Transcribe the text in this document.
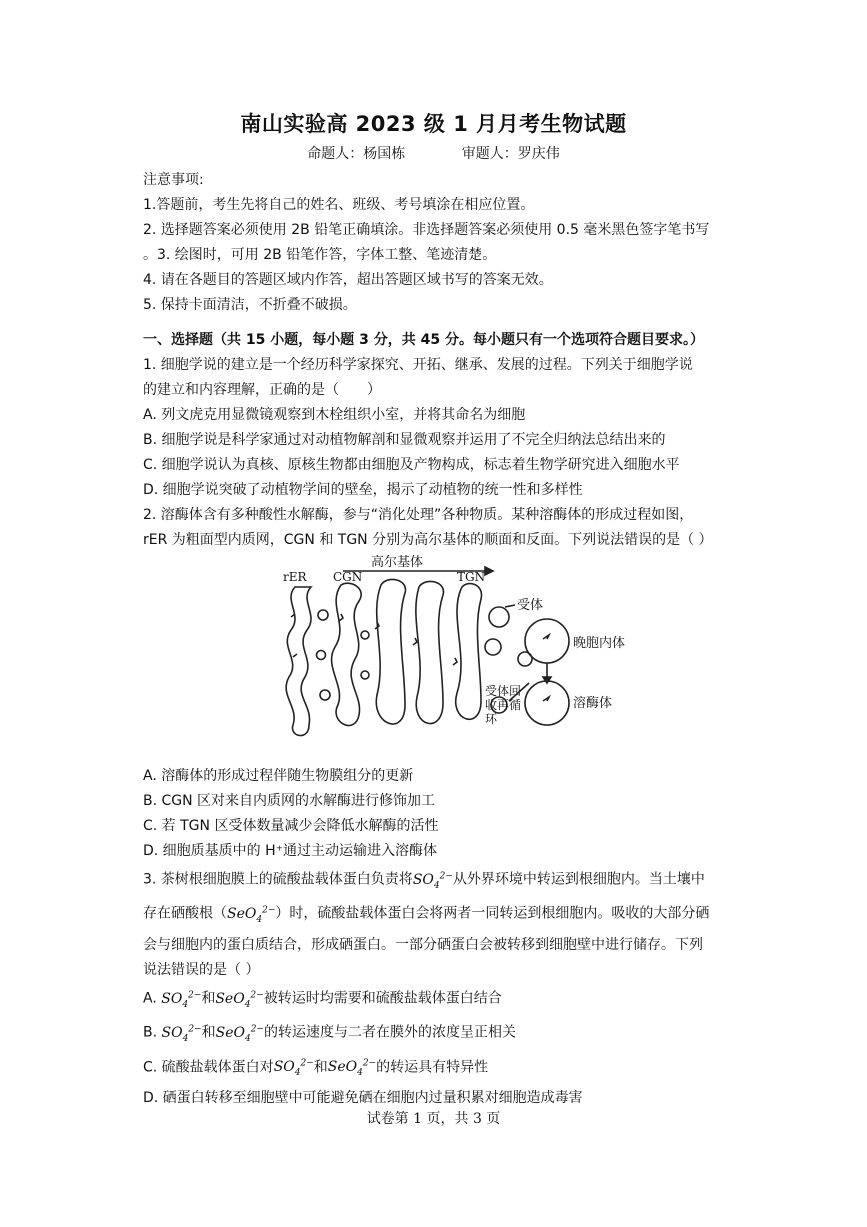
南山实验高 2023 级 1 月月考生物试题
命题人：杨国栋	审题人：罗庆伟
注意事项:
1.答题前，考生先将自己的姓名、班级、考号填涂在相应位置。
2. 选择题答案必须使用 2B 铅笔正确填涂。非选择题答案必须使用 0.5 毫米黑色签字笔书写
。3. 绘图时，可用 2B 铅笔作答，字体工整、笔迹清楚。
4. 请在各题目的答题区域内作答，超出答题区域书写的答案无效。
5. 保持卡面清洁，不折叠不破损。
一、选择题（共 15 小题，每小题 3 分，共 45 分。每小题只有一个选项符合题目要求。）
1. 细胞学说的建立是一个经历科学家探究、开拓、继承、发展的过程。下列关于细胞学说
的建立和内容理解，正确的是（　　）
A. 列文虎克用显微镜观察到木栓组织小室，并将其命名为细胞
B. 细胞学说是科学家通过对动植物解剖和显微观察并运用了不完全归纳法总结出来的
C. 细胞学说认为真核、原核生物都由细胞及产物构成，标志着生物学研究进入细胞水平
D. 细胞学说突破了动植物学间的壁垒，揭示了动植物的统一性和多样性
2. 溶酶体含有多种酸性水解酶，参与“消化处理”各种物质。某种溶酶体的形成过程如图，
rER 为粗面型内质网，CGN 和 TGN 分别为高尔基体的顺面和反面。下列说法错误的是（ ）
高尔基体
rER CGN	TGN
受体
晚胞内体
溶酶体
受体回
收再循
环
A. 溶酶体的形成过程伴随生物膜组分的更新
B. CGN 区对来自内质网的水解酶进行修饰加工
C. 若 TGN 区受体数量减少会降低水解酶的活性
D. 细胞质基质中的 H⁺通过主动运输进入溶酶体
3. 茶树根细胞膜上的硫酸盐载体蛋白负责将$SO_4^{2-}$从外界环境中转运到根细胞内。当土壤中
存在硒酸根（SeO$_4^{2-}$）时，硫酸盐载体蛋白会将两者一同转运到根细胞内。吸收的大部分硒
会与细胞内的蛋白质结合，形成硒蛋白。一部分硒蛋白会被转移到细胞壁中进行储存。下列
说法错误的是（ ）
A. $SO_4^{2-}$和SeO$_4^{2-}$被转运时均需要和硫酸盐载体蛋白结合
B. $SO_4^{2-}$和SeO$_4^{2-}$的转运速度与二者在膜外的浓度呈正相关
C. 硫酸盐载体蛋白对$SO_4^{2-}$和SeO$_4^{2-}$的转运具有特异性
D. 硒蛋白转移至细胞壁中可能避免硒在细胞内过量积累对细胞造成毒害
试卷第 1 页，共 3 页
